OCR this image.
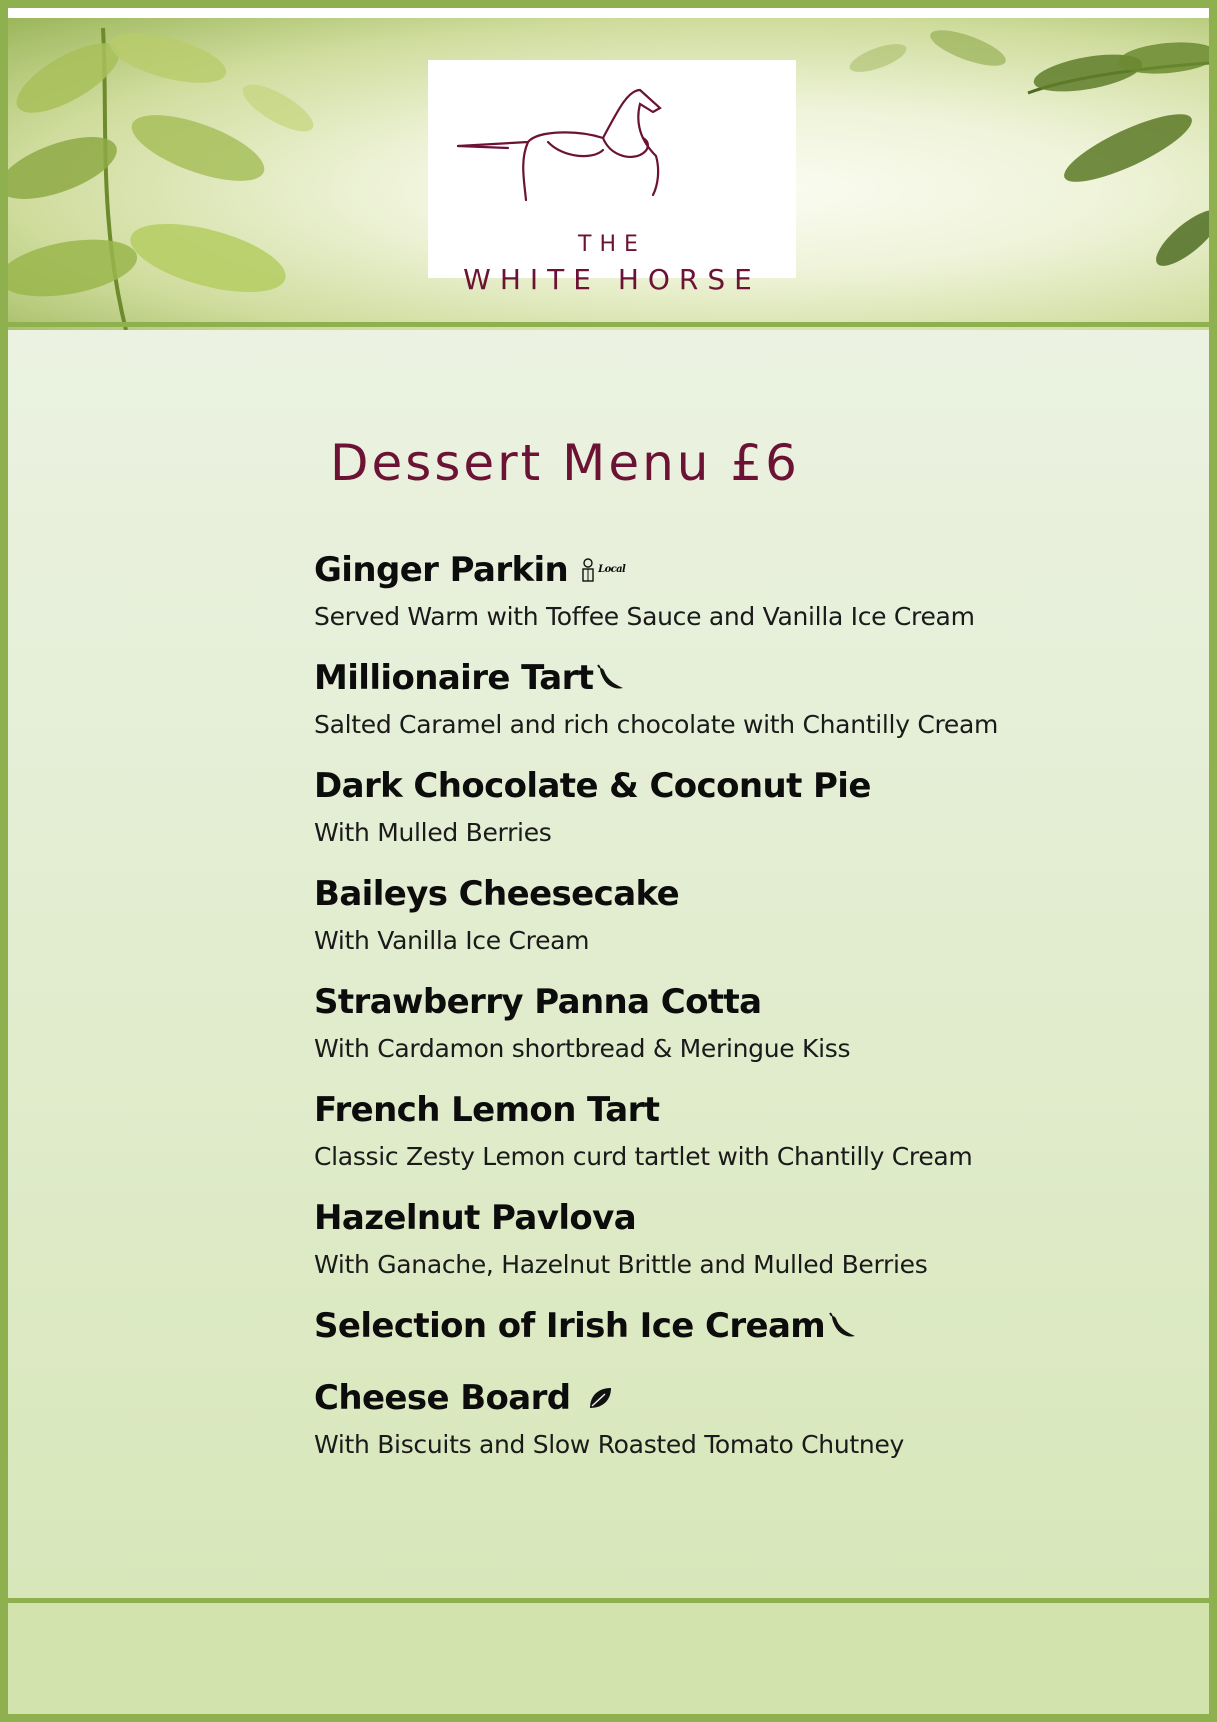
THE
WHITE HORSE
Dessert Menu £6
Ginger Parkin	Local
Served Warm with Toffee Sauce and Vanilla Ice Cream
Millionaire Tart
Salted Caramel and rich chocolate with Chantilly Cream
Dark Chocolate & Coconut Pie
With Mulled Berries
Baileys Cheesecake
With Vanilla Ice Cream
Strawberry Panna Cotta
With Cardamon shortbread & Meringue Kiss
French Lemon Tart
Classic Zesty Lemon curd tartlet with Chantilly Cream
Hazelnut Pavlova
With Ganache, Hazelnut Brittle and Mulled Berries
Selection of Irish Ice Cream
Cheese Board
With Biscuits and Slow Roasted Tomato Chutney
